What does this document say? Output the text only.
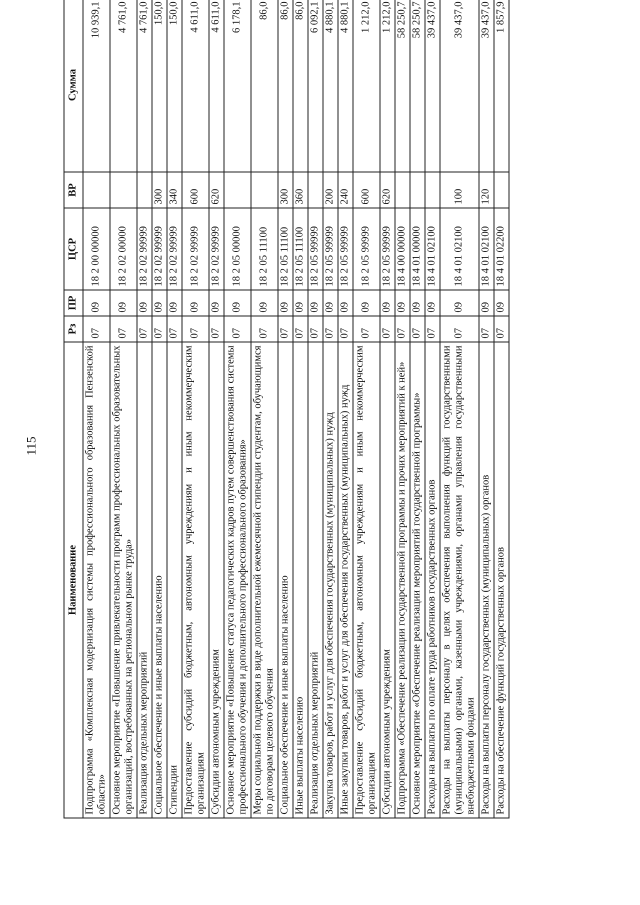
115
Наименование	Рз	ПР	ЦСР	ВР	Сумма
Подпрограмма «Комплексная модернизация системы профессионального образования Пензенской области»	07	09	18 2 00 00000		10 939,1
Основное мероприятие «Повышение привлекательности программ профессиональных образовательных организаций, востребованных на региональном рынке труда»	07	09	18 2 02 00000		4 761,0
Реализация отдельных мероприятий	07	09	18 2 02 99999		4 761,0
Социальное обеспечение и иные выплаты населению	07	09	18 2 02 99999	300	150,0
Стипендии	07	09	18 2 02 99999	340	150,0
Предоставление субсидий бюджетным, автономным учреждениям и иным некоммерческим организациям	07	09	18 2 02 99999	600	4 611,0
Субсидии автономным учреждениям	07	09	18 2 02 99999	620	4 611,0
Основное мероприятие «Повышение статуса педагогических кадров путем совершенствования системы профессионального обучения и дополнительного профессионального образования»	07	09	18 2 05 00000		6 178,1
Меры социальной поддержки в виде дополнительной ежемесячной стипендии студентам, обучающимся по договорам целевого обучения	07	09	18 2 05 11100		86,0
Социальное обеспечение и иные выплаты населению	07	09	18 2 05 11100	300	86,0
Иные выплаты населению	07	09	18 2 05 11100	360	86,0
Реализация отдельных мероприятий	07	09	18 2 05 99999		6 092,1
Закупка товаров, работ и услуг для обеспечения государственных (муниципальных) нужд	07	09	18 2 05 99999	200	4 880,1
Иные закупки товаров, работ и услуг для обеспечения государственных (муниципальных) нужд	07	09	18 2 05 99999	240	4 880,1
Предоставление субсидий бюджетным, автономным учреждениям и иным некоммерческим организациям	07	09	18 2 05 99999	600	1 212,0
Субсидии автономным учреждениям	07	09	18 2 05 99999	620	1 212,0
Подпрограмма «Обеспечение реализации государственной программы и прочих мероприятий к ней»	07	09	18 4 00 00000		58 250,7
Основное мероприятие «Обеспечение реализации мероприятий государственной программы»	07	09	18 4 01 00000		58 250,7
Расходы на выплаты по оплате труда работников государственных органов	07	09	18 4 01 02100		39 437,0
Расходы на выплаты персоналу в целях обеспечения выполнения функций государственными (муниципальными) органами, казенными учреждениями, органами управления государственными внебюджетными фондами	07	09	18 4 01 02100	100	39 437,0
Расходы на выплаты персоналу государственных (муниципальных) органов	07	09	18 4 01 02100	120	39 437,0
Расходы на обеспечение функций государственных органов	07	09	18 4 01 02200		1 857,9
